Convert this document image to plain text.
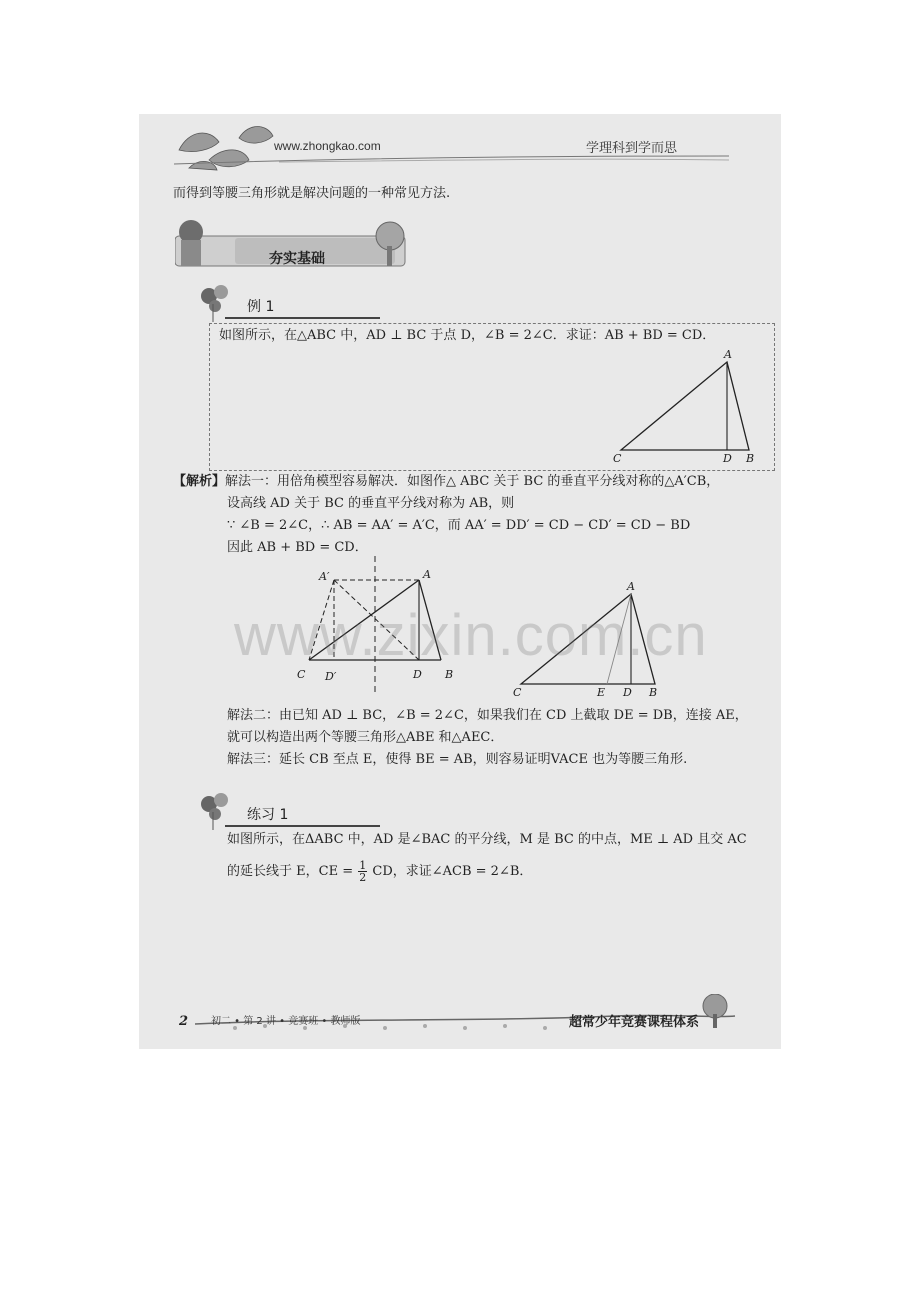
www.zhongkao.com	学理科到学而思
而得到等腰三角形就是解决问题的一种常见方法.
夯实基础
例 1
如图所示，在△ABC 中，AD ⊥ BC 于点 D，∠B = 2∠C．求证：AB + BD = CD．
A
C	D B
【解析】解法一：用倍角模型容易解决．如图作△ ABC 关于 BC 的垂直平分线对称的△A′CB，
设高线 AD 关于 BC 的垂直平分线对称为 AB，则
∵ ∠B = 2∠C，∴ AB = AA′ = A′C，而 AA′ = DD′ = CD − CD′ = CD − BD
因此 AB + BD = CD．
A′	A
C D′	D B
A
C	E D B
www.zixin.com.cn
解法二：由已知 AD ⊥ BC，∠B = 2∠C，如果我们在 CD 上截取 DE = DB，连接 AE，
就可以构造出两个等腰三角形△ABE 和△AEC．
解法三：延长 CB 至点 E，使得 BE = AB，则容易证明VACE 也为等腰三角形.
练习 1
如图所示，在ΔABC 中，AD 是∠BAC 的平分线，M 是 BC 的中点，ME ⊥ AD 且交 AC
的延长线于 E，CE = $\frac{1}{2}$ CD，求证∠ACB = 2∠B．
2 初二 • 第 2 讲 • 竞赛班 • 教师版	超常少年竞赛课程体系
